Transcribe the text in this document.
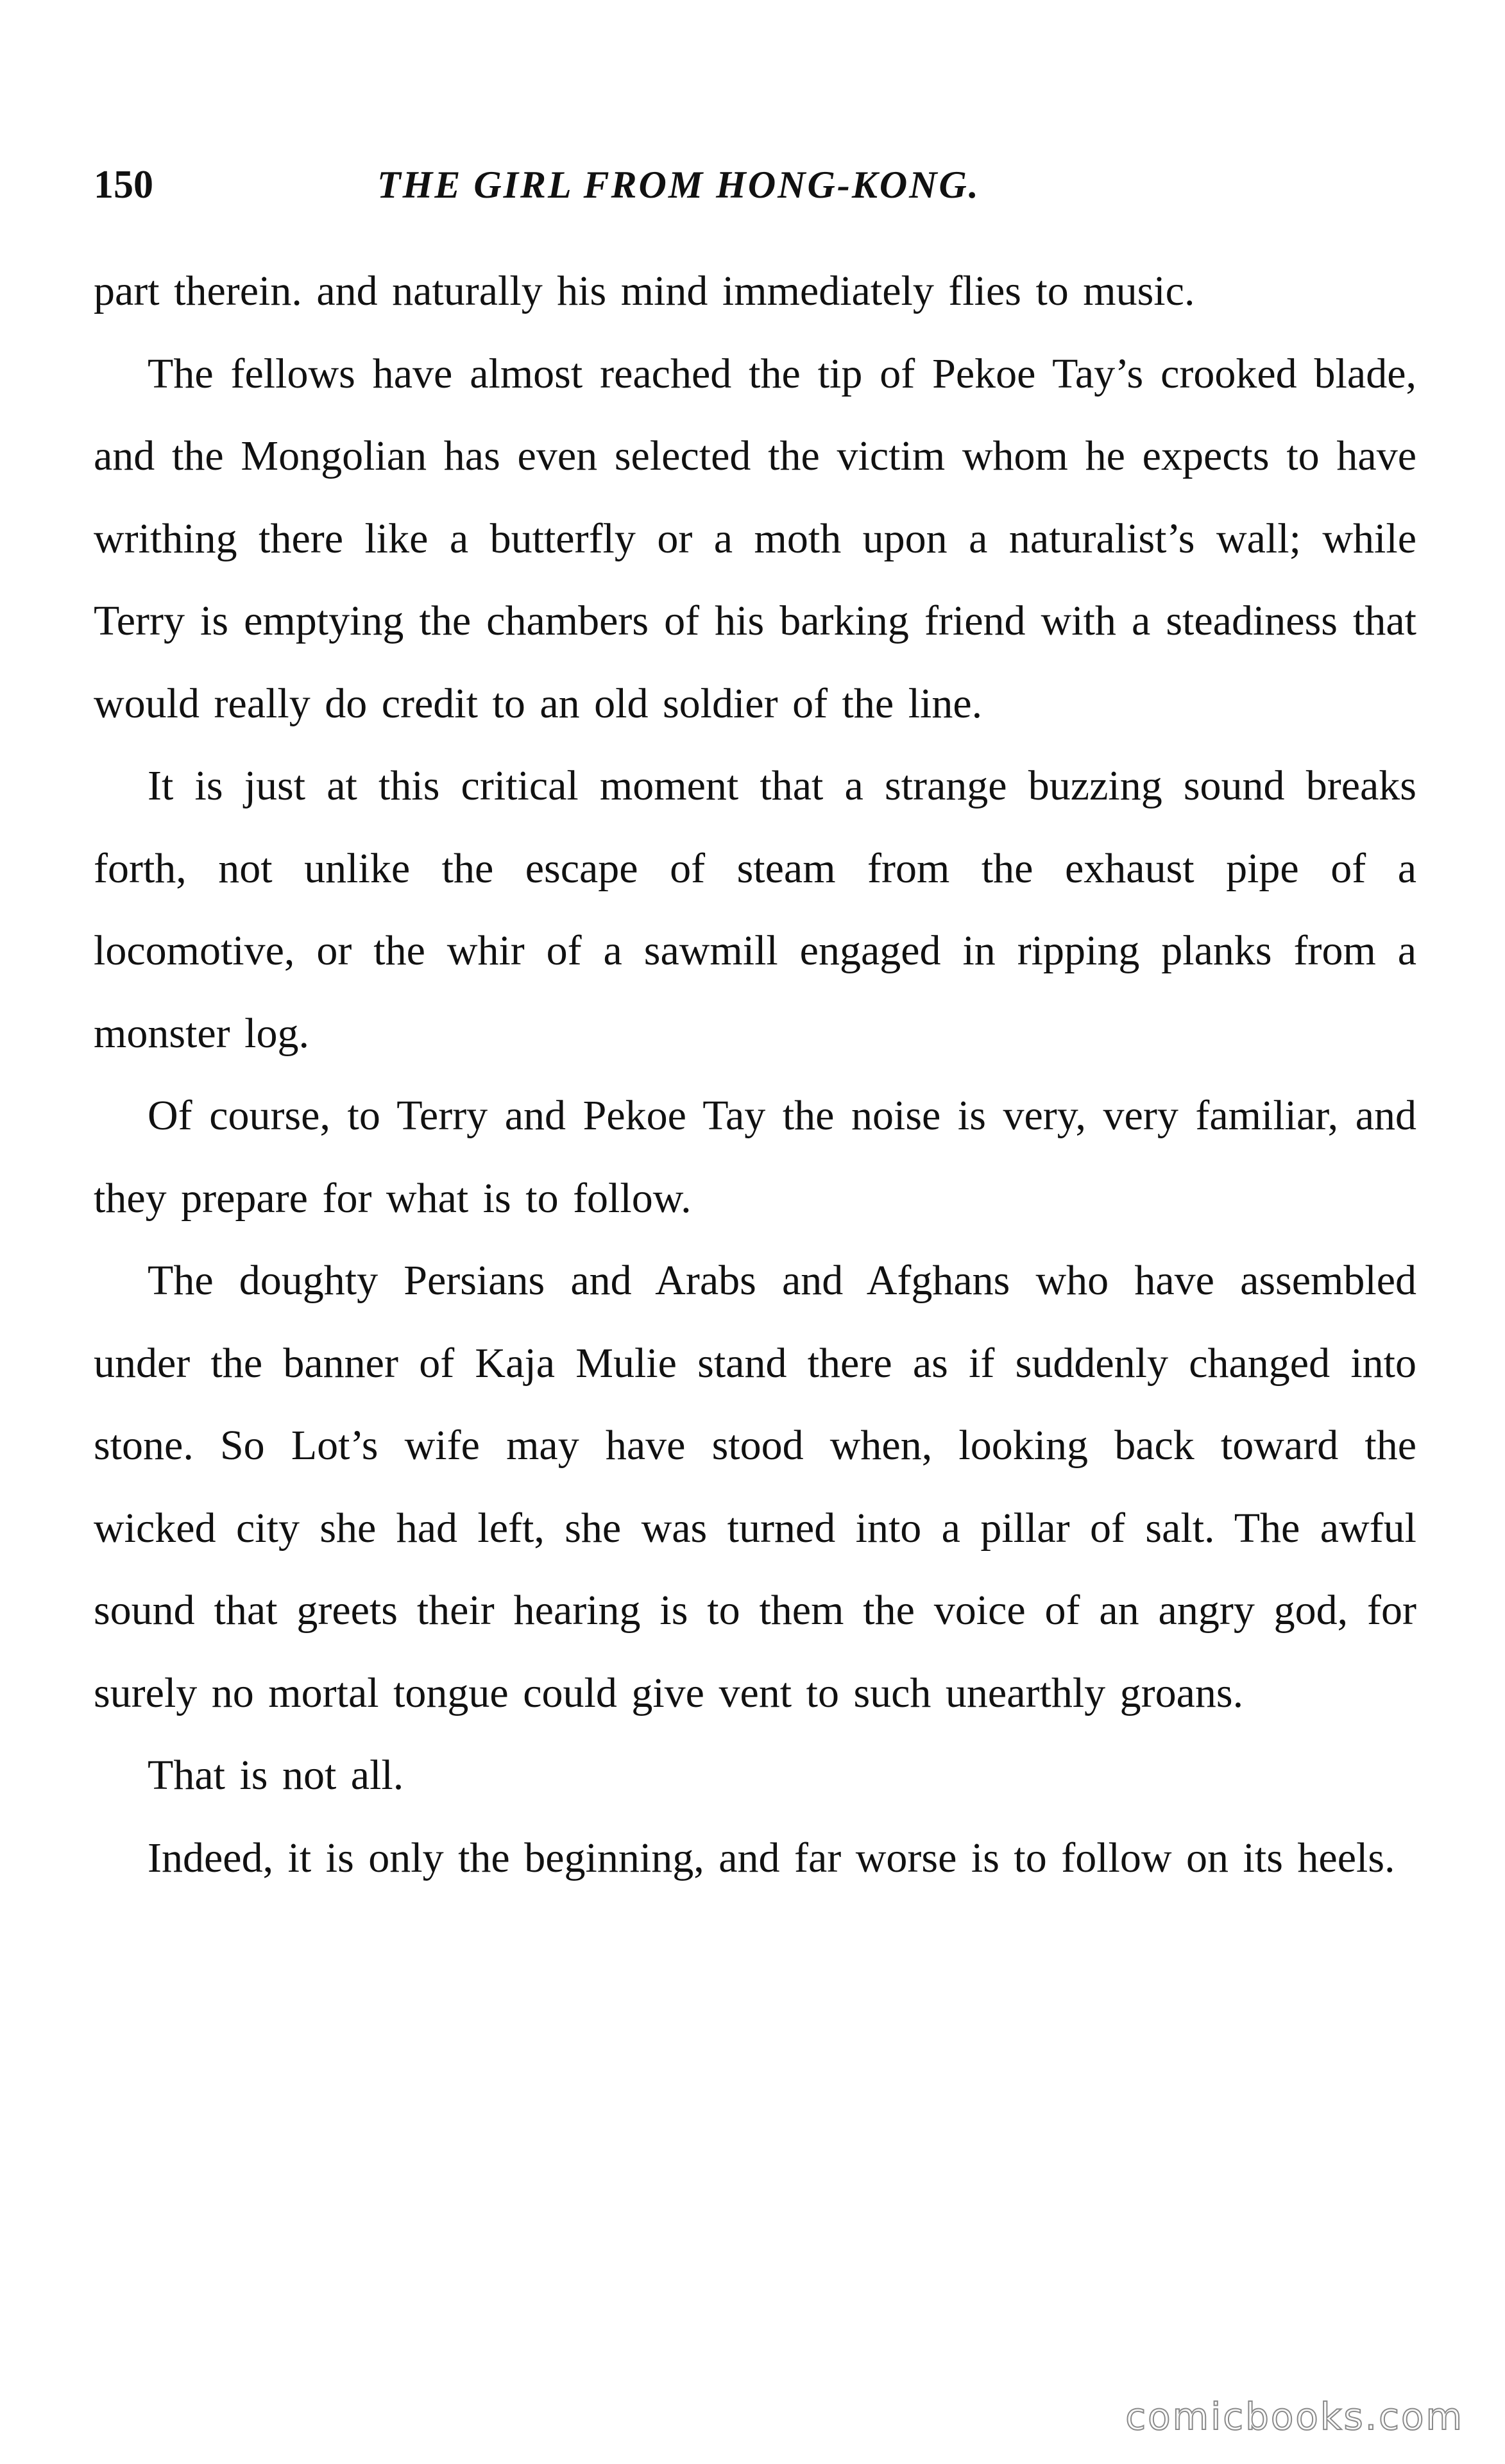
150	THE GIRL FROM HONG-KONG.

part therein. and naturally his mind immediately flies to music.

The fellows have almost reached the tip of Pekoe Tay’s crooked blade, and the Mongolian has even selected the victim whom he expects to have writhing there like a butterfly or a moth upon a naturalist’s wall; while Terry is emptying the chambers of his barking friend with a steadiness that would really do credit to an old soldier of the line.

It is just at this critical moment that a strange buzzing sound breaks forth, not unlike the escape of steam from the exhaust pipe of a locomotive, or the whir of a sawmill engaged in ripping planks from a monster log.

Of course, to Terry and Pekoe Tay the noise is very, very familiar, and they prepare for what is to follow.

The doughty Persians and Arabs and Afghans who have assembled under the banner of Kaja Mulie stand there as if suddenly changed into stone. So Lot’s wife may have stood when, looking back toward the wicked city she had left, she was turned into a pillar of salt. The awful sound that greets their hearing is to them the voice of an angry god, for surely no mortal tongue could give vent to such unearthly groans.

That is not all.

Indeed, it is only the beginning, and far worse is to follow on its heels.

comicbooks.com
